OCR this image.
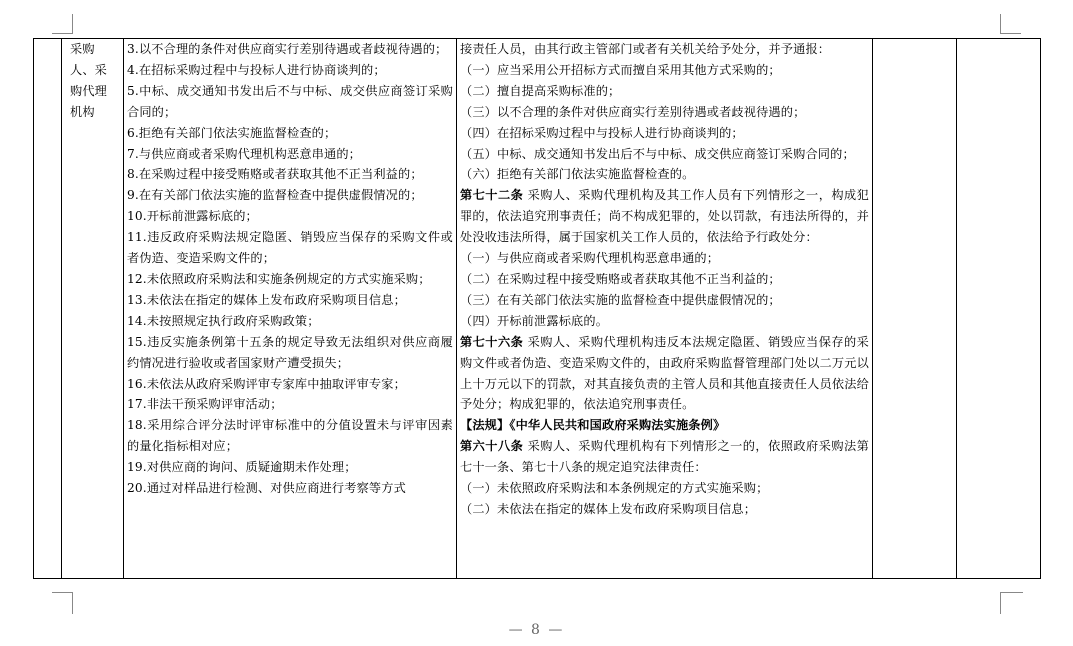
采购人、采购代理机构

3.以不合理的条件对供应商实行差别待遇或者歧视待遇的；
4.在招标采购过程中与投标人进行协商谈判的；
5.中标、成交通知书发出后不与中标、成交供应商签订采购合同的；
6.拒绝有关部门依法实施监督检查的；
7.与供应商或者采购代理机构恶意串通的；
8.在采购过程中接受贿赂或者获取其他不正当利益的；
9.在有关部门依法实施的监督检查中提供虚假情况的；
10.开标前泄露标底的；
11.违反政府采购法规定隐匿、销毁应当保存的采购文件或者伪造、变造采购文件的；
12.未依照政府采购法和实施条例规定的方式实施采购；
13.未依法在指定的媒体上发布政府采购项目信息；
14.未按照规定执行政府采购政策；
15.违反实施条例第十五条的规定导致无法组织对供应商履约情况进行验收或者国家财产遭受损失；
16.未依法从政府采购评审专家库中抽取评审专家；
17.非法干预采购评审活动；
18.采用综合评分法时评审标准中的分值设置未与评审因素的量化指标相对应；
19.对供应商的询问、质疑逾期未作处理；
20.通过对样品进行检测、对供应商进行考察等方式

接责任人员，由其行政主管部门或者有关机关给予处分，并予通报：
（一）应当采用公开招标方式而擅自采用其他方式采购的；
（二）擅自提高采购标准的；
（三）以不合理的条件对供应商实行差别待遇或者歧视待遇的；
（四）在招标采购过程中与投标人进行协商谈判的；
（五）中标、成交通知书发出后不与中标、成交供应商签订采购合同的；
（六）拒绝有关部门依法实施监督检查的。
第七十二条 采购人、采购代理机构及其工作人员有下列情形之一，构成犯罪的，依法追究刑事责任；尚不构成犯罪的，处以罚款，有违法所得的，并处没收违法所得，属于国家机关工作人员的，依法给予行政处分：
（一）与供应商或者采购代理机构恶意串通的；
（二）在采购过程中接受贿赂或者获取其他不正当利益的；
（三）在有关部门依法实施的监督检查中提供虚假情况的；
（四）开标前泄露标底的。
第七十六条 采购人、采购代理机构违反本法规定隐匿、销毁应当保存的采购文件或者伪造、变造采购文件的，由政府采购监督管理部门处以二万元以上十万元以下的罚款，对其直接负责的主管人员和其他直接责任人员依法给予处分；构成犯罪的，依法追究刑事责任。
【法规】《中华人民共和国政府采购法实施条例》
第六十八条 采购人、采购代理机构有下列情形之一的，依照政府采购法第七十一条、第七十八条的规定追究法律责任：
（一）未依照政府采购法和本条例规定的方式实施采购；
（二）未依法在指定的媒体上发布政府采购项目信息；

— 8 —
